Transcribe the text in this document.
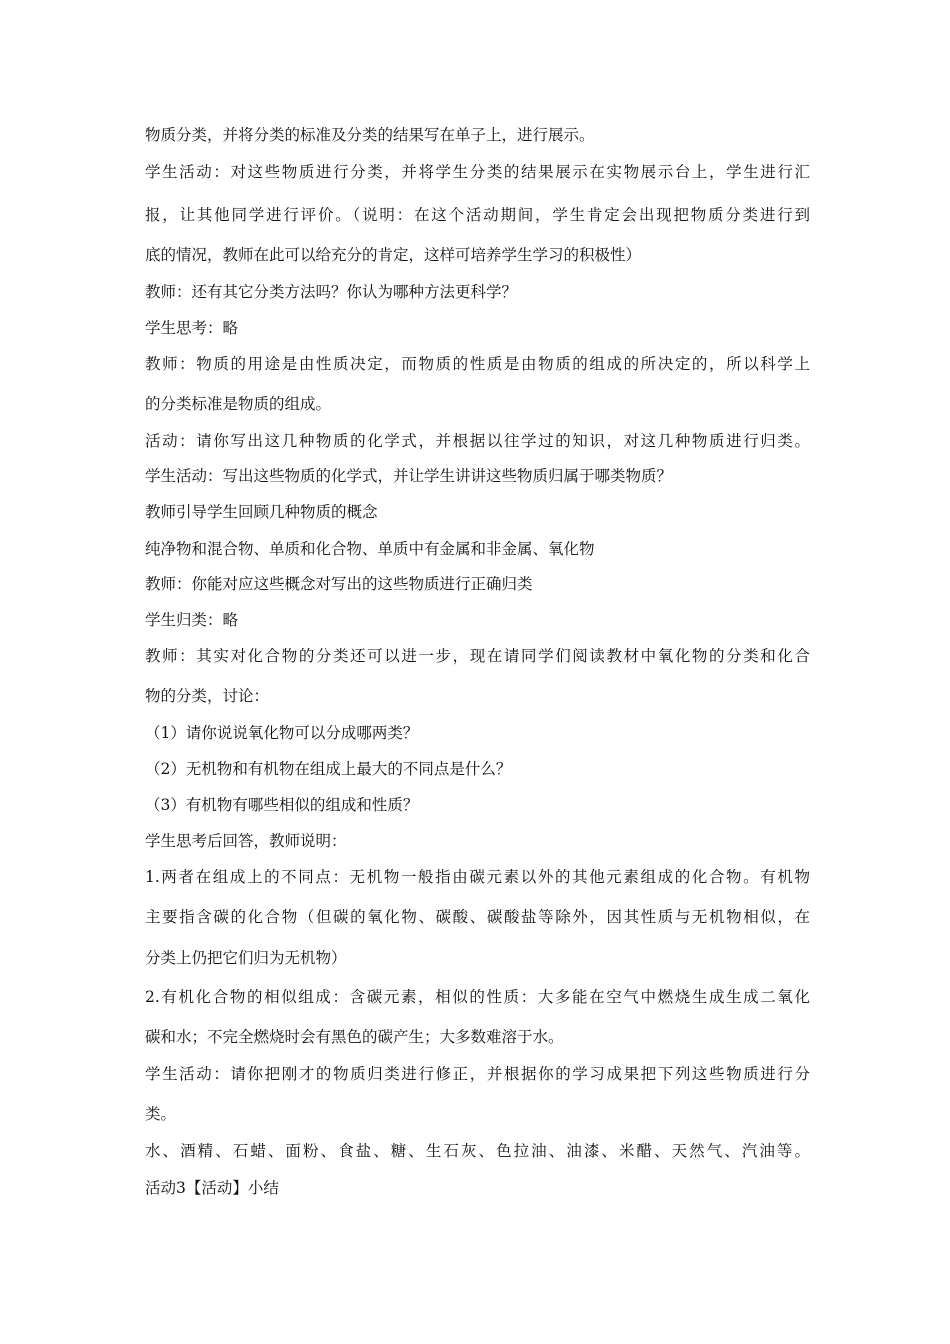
物质分类，并将分类的标准及分类的结果写在单子上，进行展示。
学生活动：对这些物质进行分类，并将学生分类的结果展示在实物展示台上，学生进行汇
报，让其他同学进行评价。（说明：在这个活动期间，学生肯定会出现把物质分类进行到
底的情况，教师在此可以给充分的肯定，这样可培养学生学习的积极性）
教师：还有其它分类方法吗？你认为哪种方法更科学？
学生思考：略
教师：物质的用途是由性质决定，而物质的性质是由物质的组成的所决定的，所以科学上
的分类标准是物质的组成。
活动：请你写出这几种物质的化学式，并根据以往学过的知识，对这几种物质进行归类。
学生活动：写出这些物质的化学式，并让学生讲讲这些物质归属于哪类物质？
教师引导学生回顾几种物质的概念
纯净物和混合物、单质和化合物、单质中有金属和非金属、氧化物
教师：你能对应这些概念对写出的这些物质进行正确归类
学生归类：略
教师：其实对化合物的分类还可以进一步，现在请同学们阅读教材中氧化物的分类和化合
物的分类，讨论：
（1）请你说说氧化物可以分成哪两类？
（2）无机物和有机物在组成上最大的不同点是什么？
（3）有机物有哪些相似的组成和性质？
学生思考后回答，教师说明：
1.两者在组成上的不同点：无机物一般指由碳元素以外的其他元素组成的化合物。有机物
主要指含碳的化合物（但碳的氧化物、碳酸、碳酸盐等除外，因其性质与无机物相似，在
分类上仍把它们归为无机物）
2.有机化合物的相似组成：含碳元素，相似的性质：大多能在空气中燃烧生成生成二氧化
碳和水；不完全燃烧时会有黑色的碳产生；大多数难溶于水。
学生活动：请你把刚才的物质归类进行修正，并根据你的学习成果把下列这些物质进行分
类。
水、酒精、石蜡、面粉、食盐、糖、生石灰、色拉油、油漆、米醋、天然气、汽油等。
活动3【活动】小结
